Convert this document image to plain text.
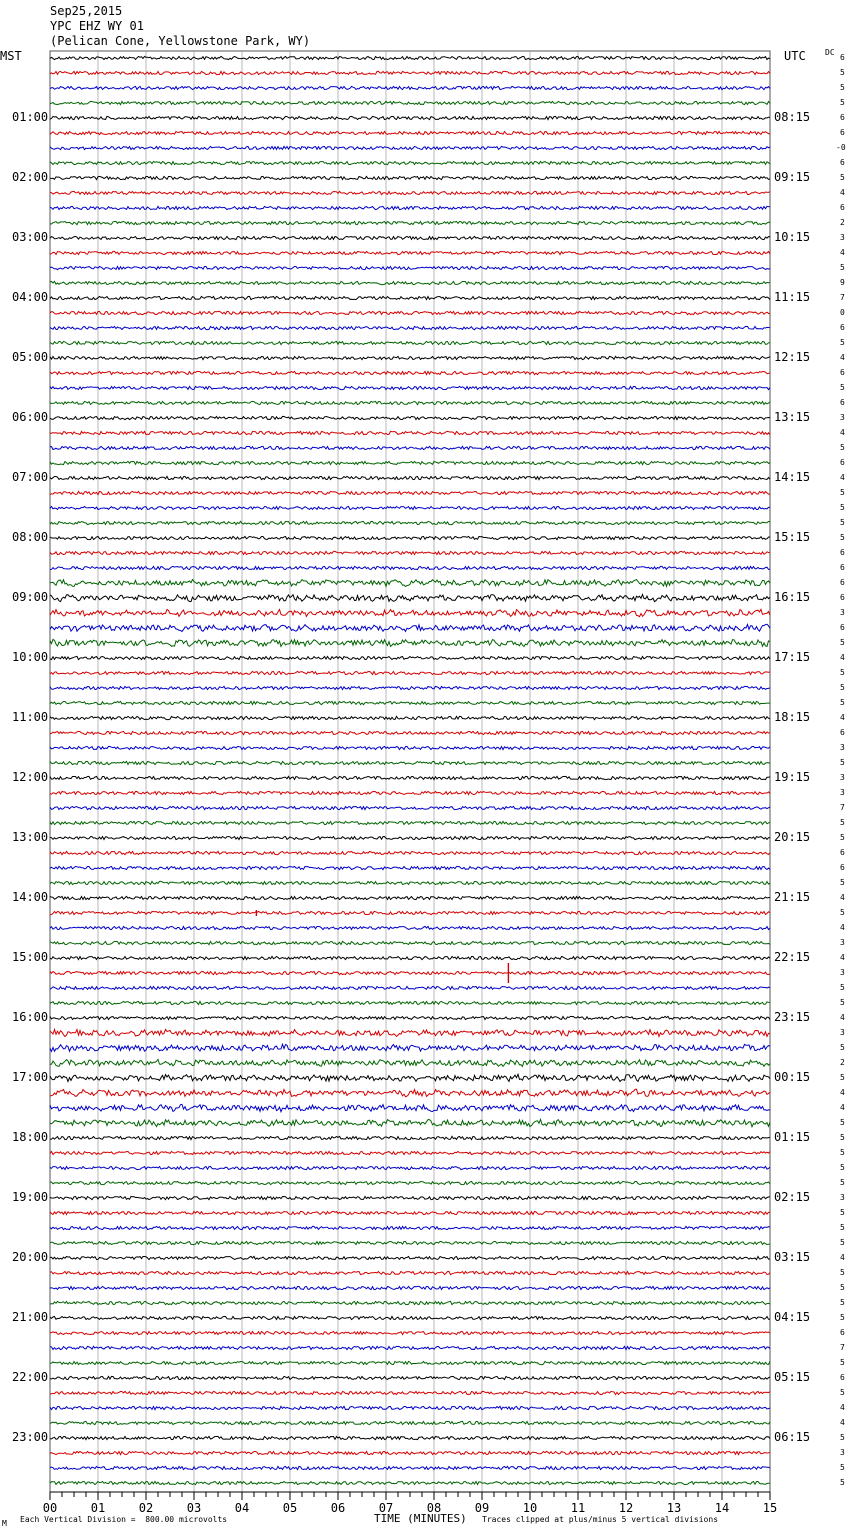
00	01	02	03	04	05	06	07	08	09	10	11	12	13	14	15
Sep25,2015
YPC EHZ WY 01
(Pelican Cone, Yellowstone Park, WY)
MST	UTC DC
01:00
02:00
03:00
04:00
05:00
06:00
07:00
08:00
09:00
10:00
11:00
12:00
13:00
14:00
15:00
16:00
17:00
18:00
19:00
20:00
21:00
22:00
23:00
08:15
09:15
10:15
11:15
12:15
13:15
14:15
15:15
16:15
17:15
18:15
19:15
20:15
21:15
22:15
23:15
00:15
01:15
02:15
03:15
04:15
05:15
06:15
6
5
5
5
6
6
-0
6
5
4
6
2
3
4
5
9
7
0
6
5
4
6
5
6
3
4
5
6
4
5
5
5
5
6
6
6
6
3
6
5
4
5
5
5
4
6
3
5
3
3
7
5
5
6
6
5
4
5
4
3
4
3
5
5
4
3
5
2
5
4
4
5
5
5
5
5
3
5
5
5
4
5
5
5
5
6
7
5
6
5
4
4
5
3
5
5
M Each Vertical Division =  800.00 microvolts	TIME (MINUTES) Traces clipped at plus/minus 5 vertical divisions
